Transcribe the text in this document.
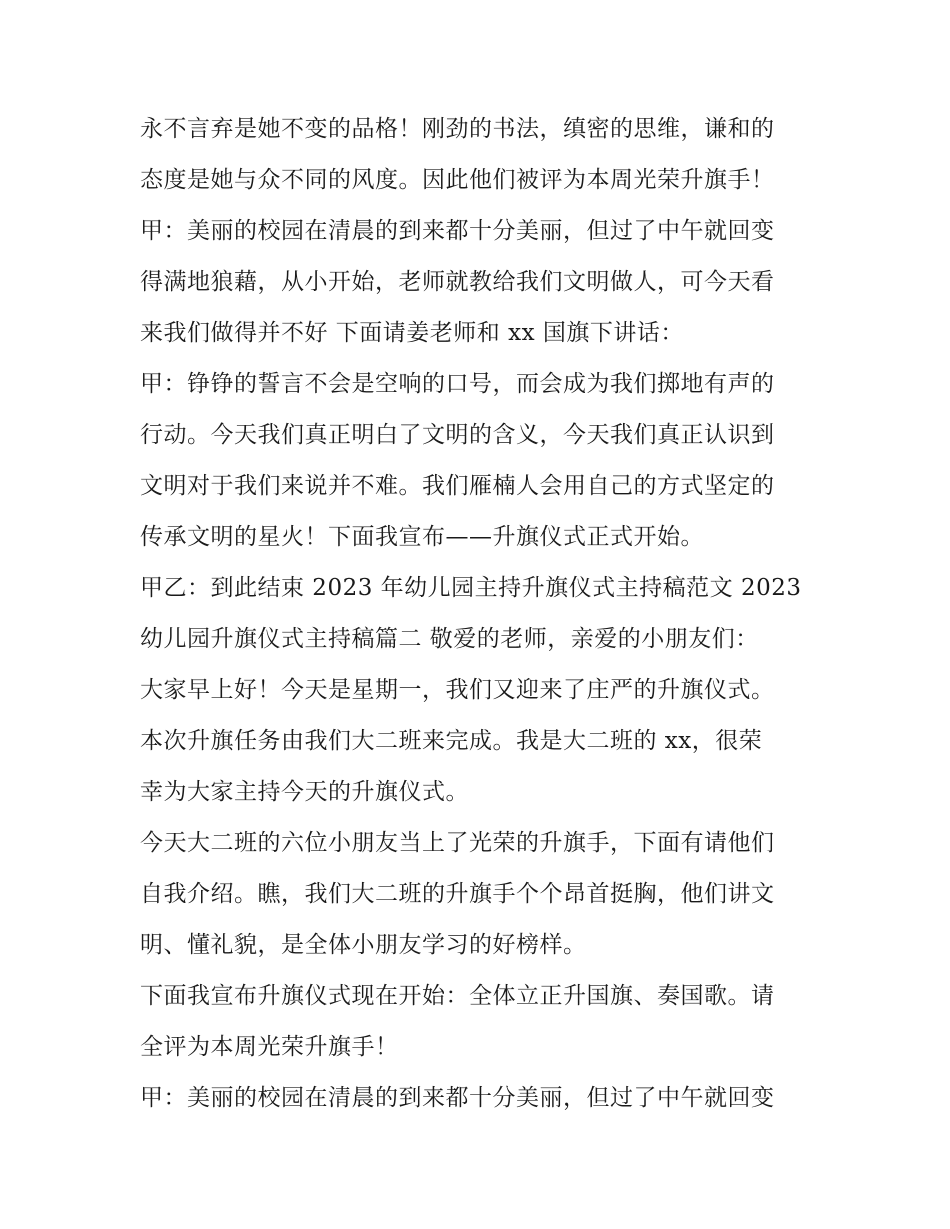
永不言弃是她不变的品格！刚劲的书法，缜密的思维，谦和的
态度是她与众不同的风度。因此他们被评为本周光荣升旗手！
甲：美丽的校园在清晨的到来都十分美丽，但过了中午就回变
得满地狼藉，从小开始，老师就教给我们文明做人，可今天看
来我们做得并不好 下面请姜老师和 xx 国旗下讲话：
甲：铮铮的誓言不会是空响的口号，而会成为我们掷地有声的
行动。今天我们真正明白了文明的含义，今天我们真正认识到
文明对于我们来说并不难。我们雁楠人会用自己的方式坚定的
传承文明的星火！下面我宣布——升旗仪式正式开始。
甲乙：到此结束 2023 年幼儿园主持升旗仪式主持稿范文 2023
幼儿园升旗仪式主持稿篇二 敬爱的老师，亲爱的小朋友们：
大家早上好！今天是星期一，我们又迎来了庄严的升旗仪式。
本次升旗任务由我们大二班来完成。我是大二班的 xx，很荣
幸为大家主持今天的升旗仪式。
今天大二班的六位小朋友当上了光荣的升旗手，下面有请他们
自我介绍。瞧，我们大二班的升旗手个个昂首挺胸，他们讲文
明、懂礼貌，是全体小朋友学习的好榜样。
下面我宣布升旗仪式现在开始：全体立正升国旗、奏国歌。请
全评为本周光荣升旗手！
甲：美丽的校园在清晨的到来都十分美丽，但过了中午就回变
